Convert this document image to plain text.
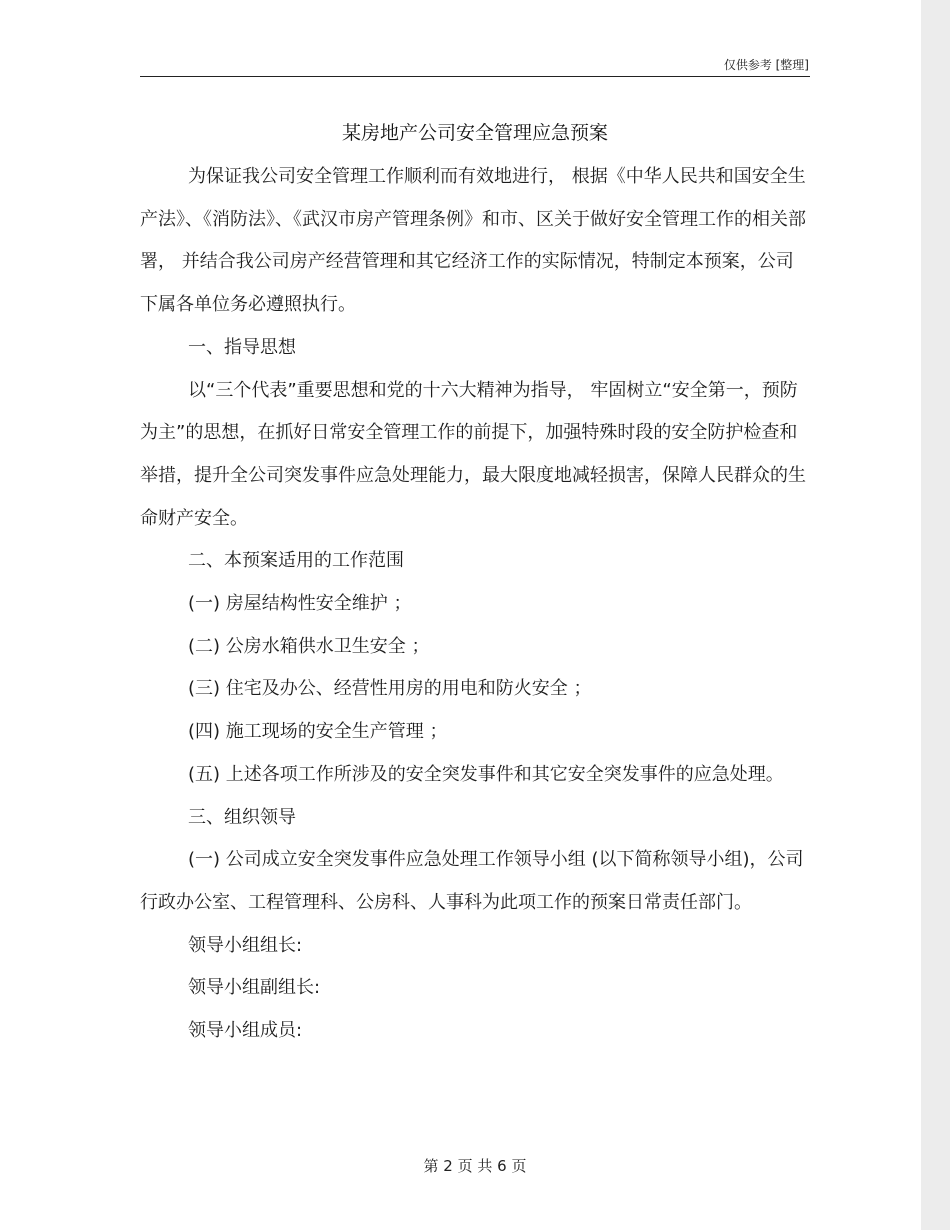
仅供参考 [整理]
某房地产公司安全管理应急预案

为保证我公司安全管理工作顺利而有效地进行， 根据《中华人民共和国安全生产法》、《消防法》、《武汉市房产管理条例》和市、区关于做好安全管理工作的相关部署， 并结合我公司房产经营管理和其它经济工作的实际情况，特制定本预案，公司下属各单位务必遵照执行。

一、指导思想

以“三个代表”重要思想和党的十六大精神为指导， 牢固树立“安全第一，预防为主”的思想，在抓好日常安全管理工作的前提下，加强特殊时段的安全防护检查和举措，提升全公司突发事件应急处理能力，最大限度地减轻损害，保障人民群众的生命财产安全。

二、本预案适用的工作范围

(一) 房屋结构性安全维护 ；

(二) 公房水箱供水卫生安全 ；

(三) 住宅及办公、经营性用房的用电和防火安全 ；

(四) 施工现场的安全生产管理 ；

(五) 上述各项工作所涉及的安全突发事件和其它安全突发事件的应急处理。

三、组织领导

(一) 公司成立安全突发事件应急处理工作领导小组 (以下简称领导小组)，公司行政办公室、工程管理科、公房科、人事科为此项工作的预案日常责任部门。

领导小组组长:

领导小组副组长:

领导小组成员:

第 2 页 共 6 页
